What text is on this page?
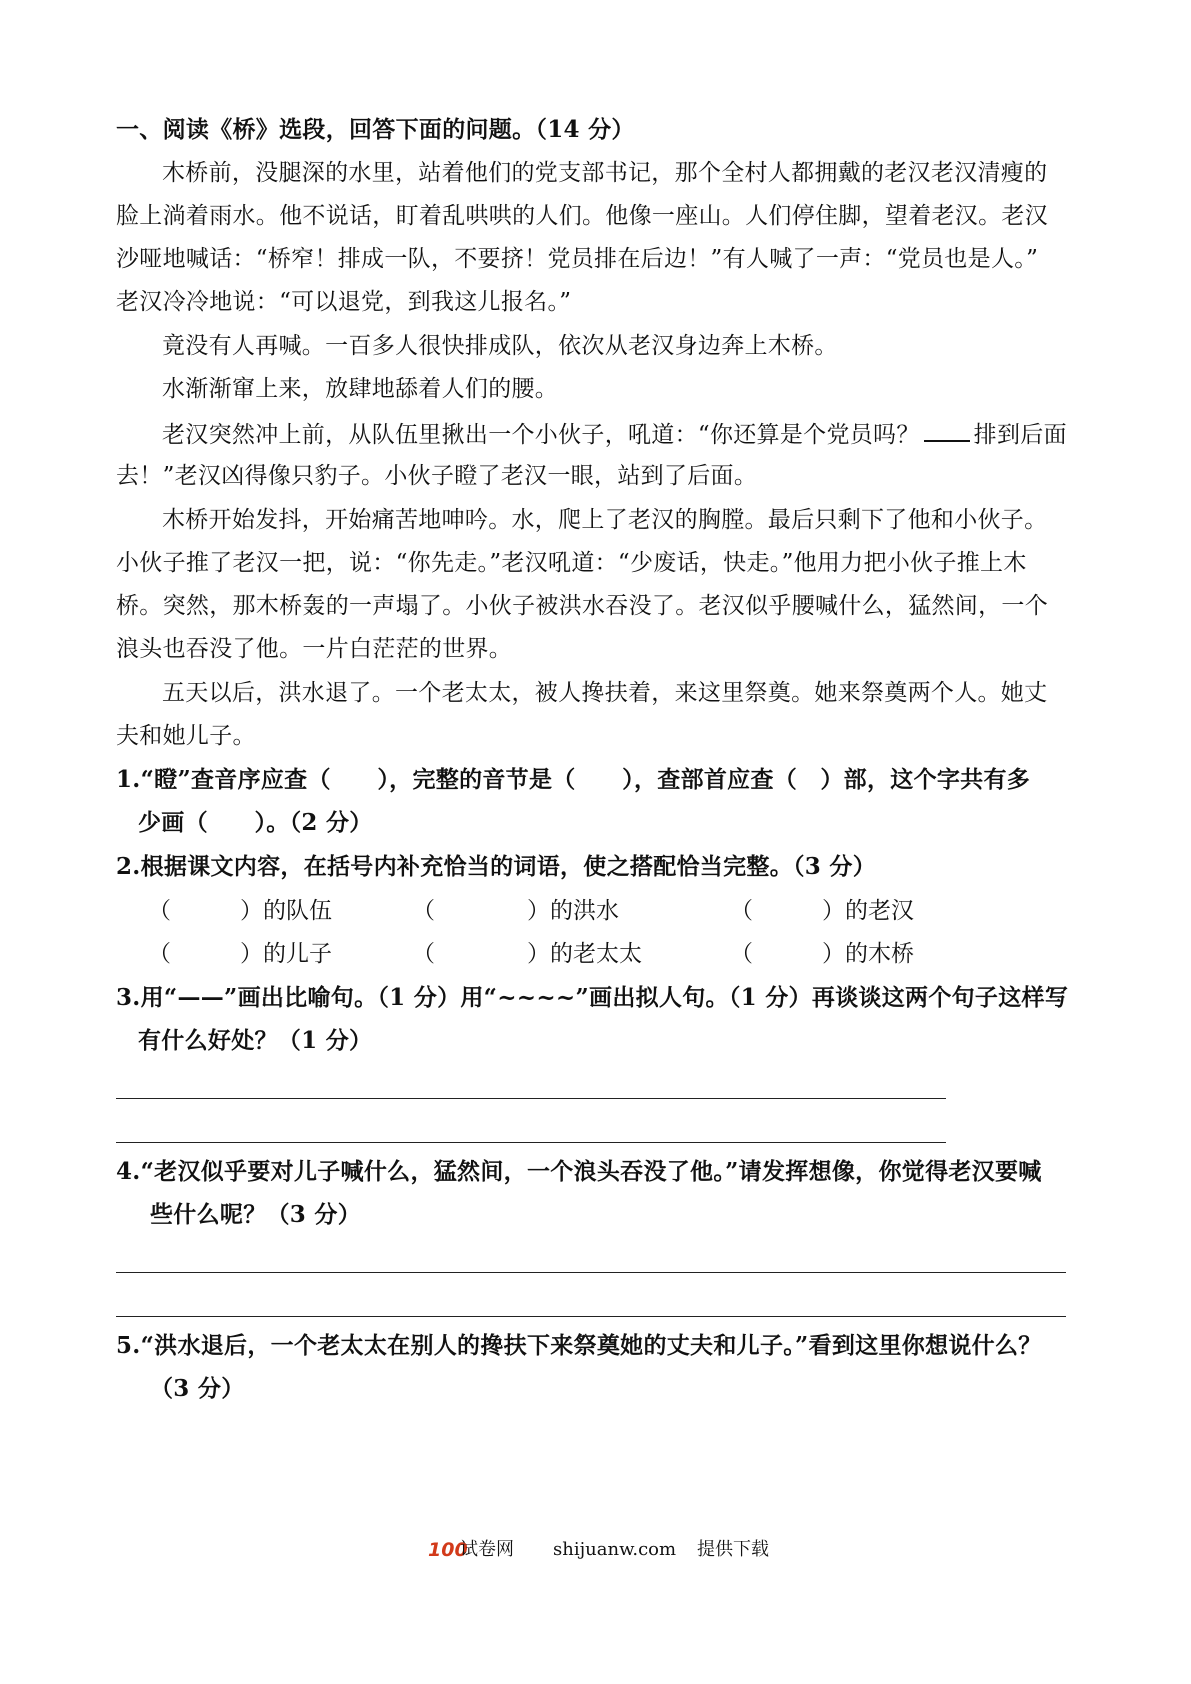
一、阅读《桥》选段，回答下面的问题。（14 分）
木桥前，没腿深的水里，站着他们的党支部书记，那个全村人都拥戴的老汉老汉清瘦的
脸上淌着雨水。他不说话，盯着乱哄哄的人们。他像一座山。人们停住脚，望着老汉。老汉
沙哑地喊话：“桥窄！排成一队，不要挤！党员排在后边！”有人喊了一声：“党员也是人。”
老汉冷冷地说：“可以退党，到我这儿报名。”
竟没有人再喊。一百多人很快排成队，依次从老汉身边奔上木桥。
水渐渐窜上来，放肆地舔着人们的腰。
老汉突然冲上前，从队伍里揪出一个小伙子，吼道：“你还算是个党员吗？ 排到后面
去！”老汉凶得像只豹子。小伙子瞪了老汉一眼，站到了后面。
木桥开始发抖，开始痛苦地呻吟。水，爬上了老汉的胸膛。最后只剩下了他和小伙子。
小伙子推了老汉一把，说：“你先走。”老汉吼道：“少废话，快走。”他用力把小伙子推上木
桥。突然，那木桥轰的一声塌了。小伙子被洪水吞没了。老汉似乎腰喊什么，猛然间，一个
浪头也吞没了他。一片白茫茫的世界。
五天以后，洪水退了。一个老太太，被人搀扶着，来这里祭奠。她来祭奠两个人。她丈
夫和她儿子。
1.“瞪”查音序应查（　　），完整的音节是（　　），查部首应查（　）部，这个字共有多
少画（　　）。（2 分）
2.根据课文内容，在括号内补充恰当的词语，使之搭配恰当完整。（3 分）
（　　　）的队伍	（　　　　）的洪水	（　　　）的老汉
（　　　）的儿子	（　　　　）的老太太	（　　　）的木桥
3.用“——”画出比喻句。（1 分）用“~~~~”画出拟人句。（1 分）再谈谈这两个句子这样写
有什么好处？（1 分）
4.“老汉似乎要对儿子喊什么，猛然间，一个浪头吞没了他。”请发挥想像，你觉得老汉要喊
些什么呢？（3 分）
5.“洪水退后，一个老太太在别人的搀扶下来祭奠她的丈夫和儿子。”看到这里你想说什么？
（3 分）
100
试卷网 shijuanw.com 提供下载
